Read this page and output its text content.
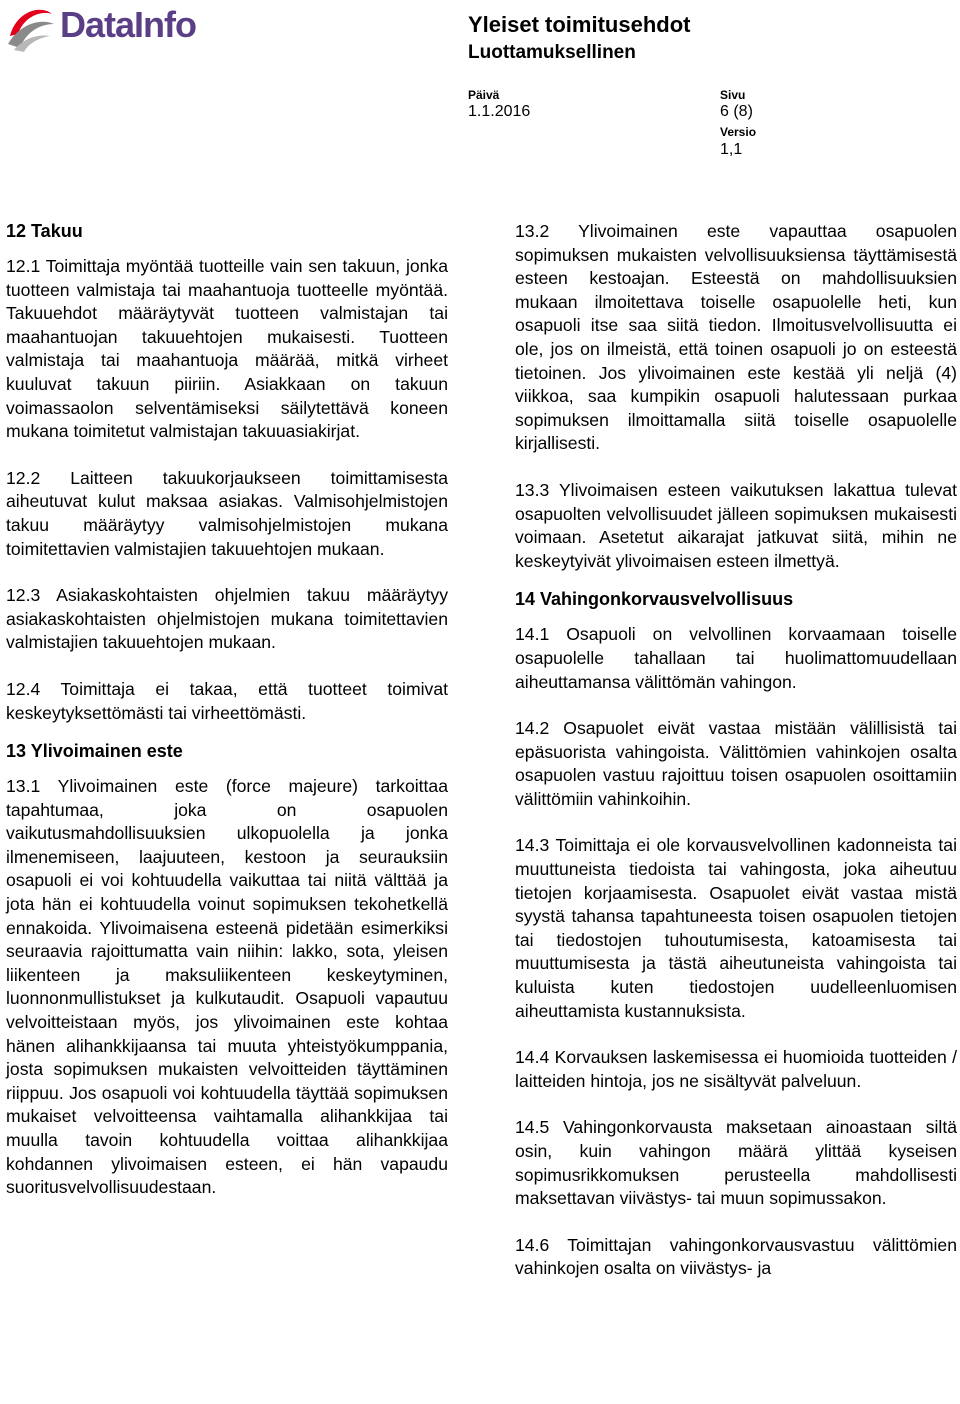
DataInfo	Yleiset toimitusehdot
Luottamuksellinen
Päivä
1.1.2016
Sivu
6 (8)
Versio
1,1
12 Takuu

12.1 Toimittaja myöntää tuotteille vain sen takuun, jonka tuotteen valmistaja tai maahantuoja tuotteelle myöntää. Takuuehdot määräytyvät tuotteen valmistajan tai maahantuojan takuuehtojen mukaisesti. Tuotteen valmistaja tai maahantuoja määrää, mitkä virheet kuuluvat takuun piiriin. Asiakkaan on takuun voimassaolon selventämiseksi säilytettävä koneen mukana toimitetut valmistajan takuuasiakirjat.

12.2 Laitteen takuukorjaukseen toimittamisesta aiheutuvat kulut maksaa asiakas. Valmisohjelmistojen takuu määräytyy valmisohjelmistojen mukana toimitettavien valmistajien takuuehtojen mukaan.

12.3 Asiakaskohtaisten ohjelmien takuu määräytyy asiakaskohtaisten ohjelmistojen mukana toimitettavien valmistajien takuuehtojen mukaan.

12.4 Toimittaja ei takaa, että tuotteet toimivat keskeytyksettömästi tai virheettömästi.

13 Ylivoimainen este

13.1 Ylivoimainen este (force majeure) tarkoittaa tapahtumaa, joka on osapuolen vaikutusmahdollisuuksien ulkopuolella ja jonka ilmenemiseen, laajuuteen, kestoon ja seurauksiin osapuoli ei voi kohtuudella vaikuttaa tai niitä välttää ja jota hän ei kohtuudella voinut sopimuksen tekohetkellä ennakoida. Ylivoimaisena esteenä pidetään esimerkiksi seuraavia rajoittumatta vain niihin: lakko, sota, yleisen liikenteen ja maksuliikenteen keskeytyminen, luonnonmullistukset ja kulkutaudit. Osapuoli vapautuu velvoitteistaan myös, jos ylivoimainen este kohtaa hänen alihankkijaansa tai muuta yhteistyökumppania, josta sopimuksen mukaisten velvoitteiden täyttäminen riippuu. Jos osapuoli voi kohtuudella täyttää sopimuksen mukaiset velvoitteensa vaihtamalla alihankkijaa tai muulla tavoin kohtuudella voittaa alihankkijaa kohdannen ylivoimaisen esteen, ei hän vapaudu suoritusvelvollisuudestaan.

13.2 Ylivoimainen este vapauttaa osapuolen sopimuksen mukaisten velvollisuuksiensa täyttämisestä esteen kestoajan. Esteestä on mahdollisuuksien mukaan ilmoitettava toiselle osapuolelle heti, kun osapuoli itse saa siitä tiedon. Ilmoitusvelvollisuutta ei ole, jos on ilmeistä, että toinen osapuoli jo on esteestä tietoinen. Jos ylivoimainen este kestää yli neljä (4) viikkoa, saa kumpikin osapuoli halutessaan purkaa sopimuksen ilmoittamalla siitä toiselle osapuolelle kirjallisesti.

13.3 Ylivoimaisen esteen vaikutuksen lakattua tulevat osapuolten velvollisuudet jälleen sopimuksen mukaisesti voimaan. Asetetut aikarajat jatkuvat siitä, mihin ne keskeytyivät ylivoimaisen esteen ilmettyä.

14 Vahingonkorvausvelvollisuus

14.1 Osapuoli on velvollinen korvaamaan toiselle osapuolelle tahallaan tai huolimattomuudellaan aiheuttamansa välittömän vahingon.

14.2 Osapuolet eivät vastaa mistään välillisistä tai epäsuorista vahingoista. Välittömien vahinkojen osalta osapuolen vastuu rajoittuu toisen osapuolen osoittamiin välittömiin vahinkoihin.

14.3 Toimittaja ei ole korvausvelvollinen kadonneista tai muuttuneista tiedoista tai vahingosta, joka aiheutuu tietojen korjaamisesta. Osapuolet eivät vastaa mistä syystä tahansa tapahtuneesta toisen osapuolen tietojen tai tiedostojen tuhoutumisesta, katoamisesta tai muuttumisesta ja tästä aiheutuneista vahingoista tai kuluista kuten tiedostojen uudelleenluomisen aiheuttamista kustannuksista.

14.4 Korvauksen laskemisessa ei huomioida tuotteiden / laitteiden hintoja, jos ne sisältyvät palveluun.

14.5 Vahingonkorvausta maksetaan ainoastaan siltä osin, kuin vahingon määrä ylittää kyseisen sopimusrikkomuksen perusteella mahdollisesti maksettavan viivästys- tai muun sopimussakon.

14.6 Toimittajan vahingonkorvausvastuu välittömien vahinkojen osalta on viivästys- ja
